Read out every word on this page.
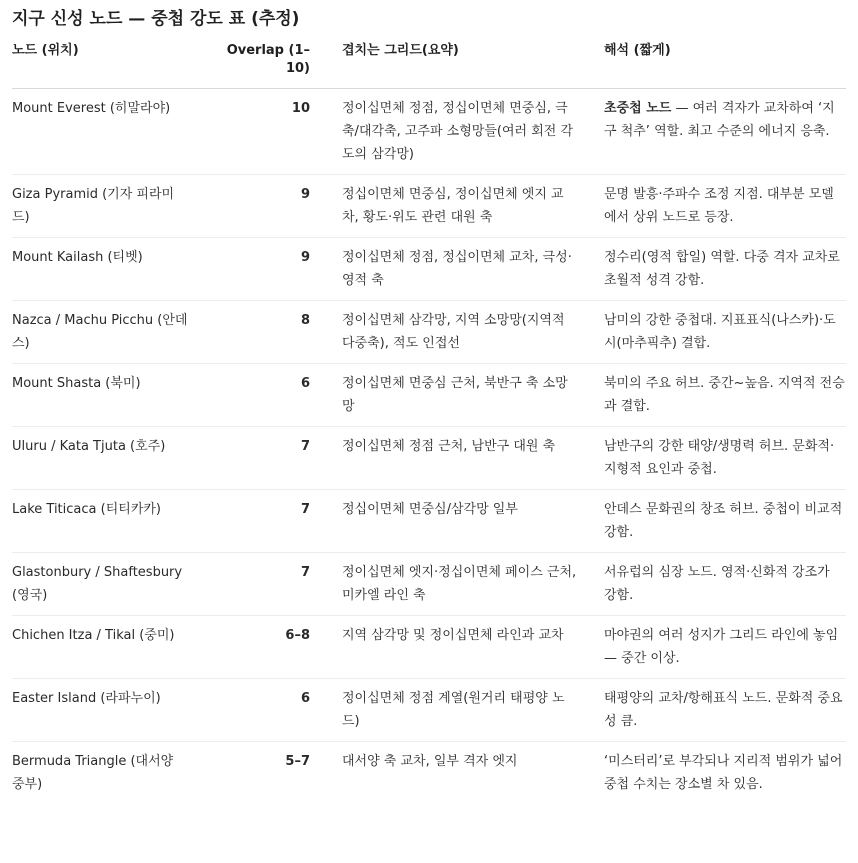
지구 신성 노드 — 중첩 강도 표 (추정)
노드 (위치)	Overlap (1–10)	겹치는 그리드(요약)	해석 (짧게)
Mount Everest (히말라야)	10	정이십면체 정점, 정십이면체 면중심, 극축/대각축, 고주파 소형망들(여러 회전 각도의 삼각망)	초중첩 노드 — 여러 격자가 교차하여 ‘지구 척추’ 역할. 최고 수준의 에너지 응축.
Giza Pyramid (기자 피라미드)	9	정십이면체 면중심, 정이십면체 엣지 교차, 황도·위도 관련 대원 축	문명 발흥·주파수 조정 지점. 대부분 모델에서 상위 노드로 등장.
Mount Kailash (티벳)	9	정이십면체 정점, 정십이면체 교차, 극성·영적 축	정수리(영적 합일) 역할. 다중 격자 교차로 초월적 성격 강함.
Nazca / Machu Picchu (안데스)	8	정이십면체 삼각망, 지역 소망망(지역적 다중축), 적도 인접선	남미의 강한 중첩대. 지표표식(나스카)·도시(마추픽추) 결합.
Mount Shasta (북미)	6	정이십면체 면중심 근처, 북반구 축 소망망	북미의 주요 허브. 중간~높음. 지역적 전승과 결합.
Uluru / Kata Tjuta (호주)	7	정이십면체 정점 근처, 남반구 대원 축	남반구의 강한 태양/생명력 허브. 문화적·지형적 요인과 중첩.
Lake Titicaca (티티카카)	7	정십이면체 면중심/삼각망 일부	안데스 문화권의 창조 허브. 중첩이 비교적 강함.
Glastonbury / Shaftesbury (영국)	7	정이십면체 엣지·정십이면체 페이스 근처, 미카엘 라인 축	서유럽의 심장 노드. 영적·신화적 강조가 강함.
Chichen Itza / Tikal (중미)	6–8	지역 삼각망 및 정이십면체 라인과 교차	마야권의 여러 성지가 그리드 라인에 놓임 — 중간 이상.
Easter Island (라파누이)	6	정이십면체 정점 계열(원거리 태평양 노드)	태평양의 교차/항해표식 노드. 문화적 중요성 큼.
Bermuda Triangle (대서양 중부)	5–7	대서양 축 교차, 일부 격자 엣지	‘미스터리’로 부각되나 지리적 범위가 넓어 중첩 수치는 장소별 차 있음.
